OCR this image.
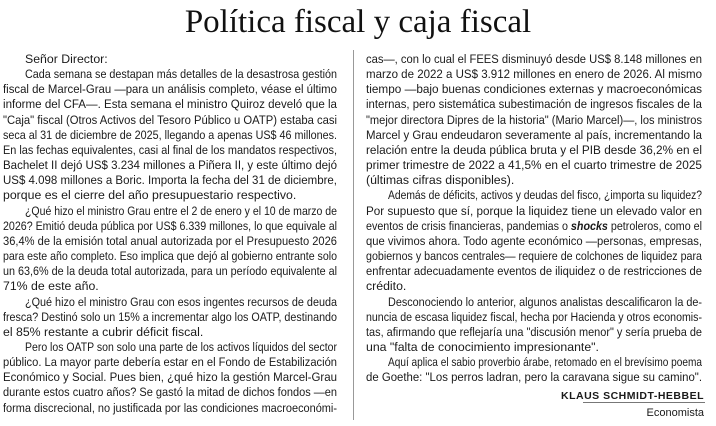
Política fiscal y caja fiscal
Señor Director:
Cada semana se destapan más detalles de la desastrosa gestión
fiscal de Marcel-Grau —para un análisis completo, véase el último
informe del CFA—. Esta semana el ministro Quiroz develó que la
"Caja" fiscal (Otros Activos del Tesoro Público u OATP) estaba casi
seca al 31 de diciembre de 2025, llegando a apenas US$ 46 millones.
En las fechas equivalentes, casi al final de los mandatos respectivos,
Bachelet II dejó US$ 3.234 millones a Piñera II, y este último dejó
US$ 4.098 millones a Boric. Importa la fecha del 31 de diciembre,
porque es el cierre del año presupuestario respectivo.
¿Qué hizo el ministro Grau entre el 2 de enero y el 10 de marzo de
2026? Emitió deuda pública por US$ 6.339 millones, lo que equivale al
36,4% de la emisión total anual autorizada por el Presupuesto 2026
para este año completo. Eso implica que dejó al gobierno entrante solo
un 63,6% de la deuda total autorizada, para un período equivalente al
71% de este año.
¿Qué hizo el ministro Grau con esos ingentes recursos de deuda
fresca? Destinó solo un 15% a incrementar algo los OATP, destinando
el 85% restante a cubrir déficit fiscal.
Pero los OATP son solo una parte de los activos líquidos del sector
público. La mayor parte debería estar en el Fondo de Estabilización
Económico y Social. Pues bien, ¿qué hizo la gestión Marcel-Grau
durante estos cuatro años? Se gastó la mitad de dichos fondos —en
forma discrecional, no justificada por las condiciones macroeconómi-
cas—, con lo cual el FEES disminuyó desde US$ 8.148 millones en
marzo de 2022 a US$ 3.912 millones en enero de 2026. Al mismo
tiempo —bajo buenas condiciones externas y macroeconómicas
internas, pero sistemática subestimación de ingresos fiscales de la
"mejor directora Dipres de la historia" (Mario Marcel)—, los ministros
Marcel y Grau endeudaron severamente al país, incrementando la
relación entre la deuda pública bruta y el PIB desde 36,2% en el
primer trimestre de 2022 a 41,5% en el cuarto trimestre de 2025
(últimas cifras disponibles).
Además de déficits, activos y deudas del fisco, ¿importa su liquidez?
Por supuesto que sí, porque la liquidez tiene un elevado valor en
eventos de crisis financieras, pandemias o shocks petroleros, como el
que vivimos ahora. Todo agente económico —personas, empresas,
gobiernos y bancos centrales— requiere de colchones de liquidez para
enfrentar adecuadamente eventos de iliquidez o de restricciones de
crédito.
Desconociendo lo anterior, algunos analistas descalificaron la de-
nuncia de escasa liquidez fiscal, hecha por Hacienda y otros economis-
tas, afirmando que reflejaría una "discusión menor" y sería prueba de
una "falta de conocimiento impresionante".
Aquí aplica el sabio proverbio árabe, retomado en el brevísimo poema
de Goethe: "Los perros ladran, pero la caravana sigue su camino".
KLAUS SCHMIDT-HEBBEL
Economista
